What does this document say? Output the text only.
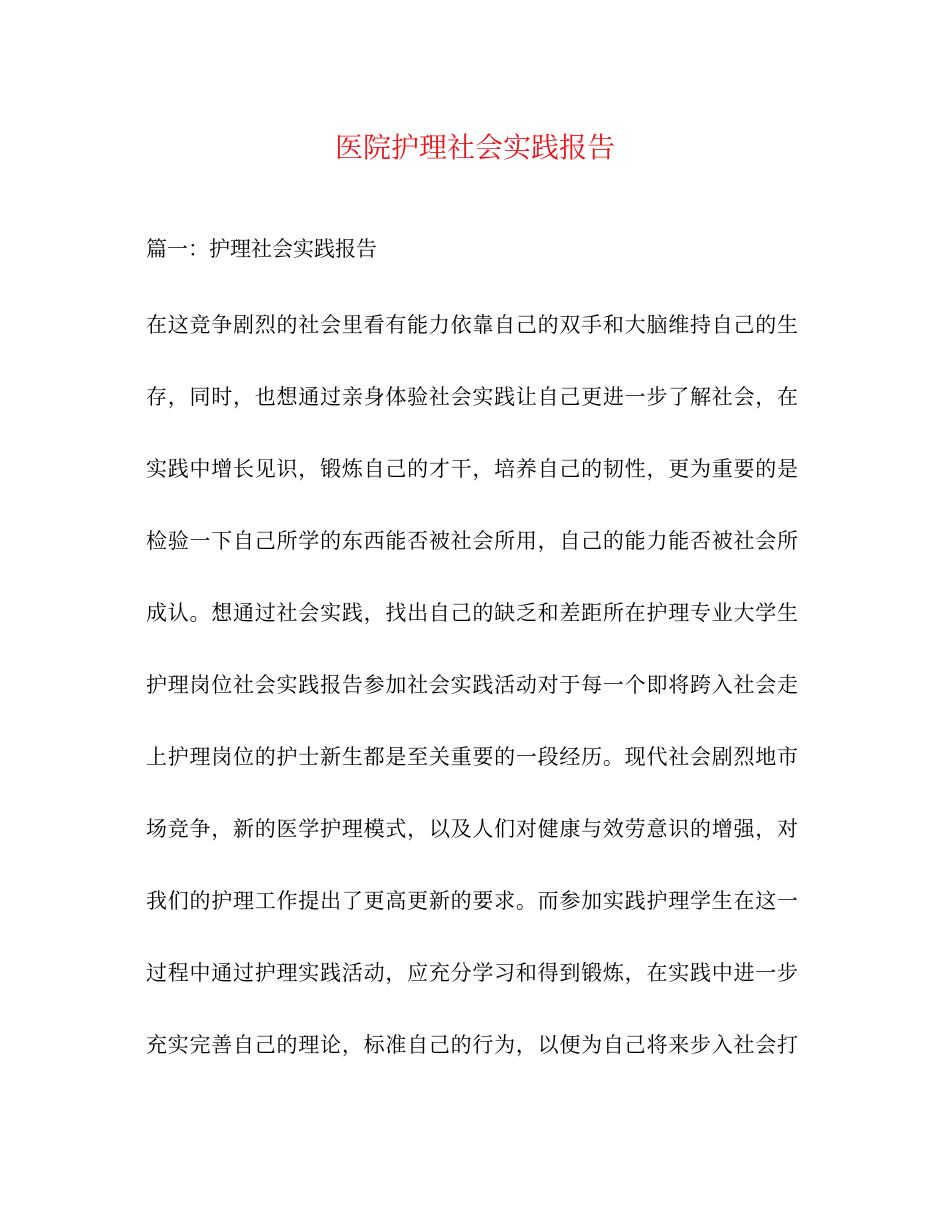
医院护理社会实践报告
篇一：护理社会实践报告
在这竞争剧烈的社会里看有能力依靠自己的双手和大脑维持自己的生
存，同时，也想通过亲身体验社会实践让自己更进一步了解社会，在
实践中增长见识，锻炼自己的才干，培养自己的韧性，更为重要的是
检验一下自己所学的东西能否被社会所用，自己的能力能否被社会所
成认。想通过社会实践，找出自己的缺乏和差距所在护理专业大学生
护理岗位社会实践报告参加社会实践活动对于每一个即将跨入社会走
上护理岗位的护士新生都是至关重要的一段经历。现代社会剧烈地市
场竞争，新的医学护理模式，以及人们对健康与效劳意识的增强，对
我们的护理工作提出了更高更新的要求。而参加实践护理学生在这一
过程中通过护理实践活动，应充分学习和得到锻炼，在实践中进一步
充实完善自己的理论，标准自己的行为，以便为自己将来步入社会打
